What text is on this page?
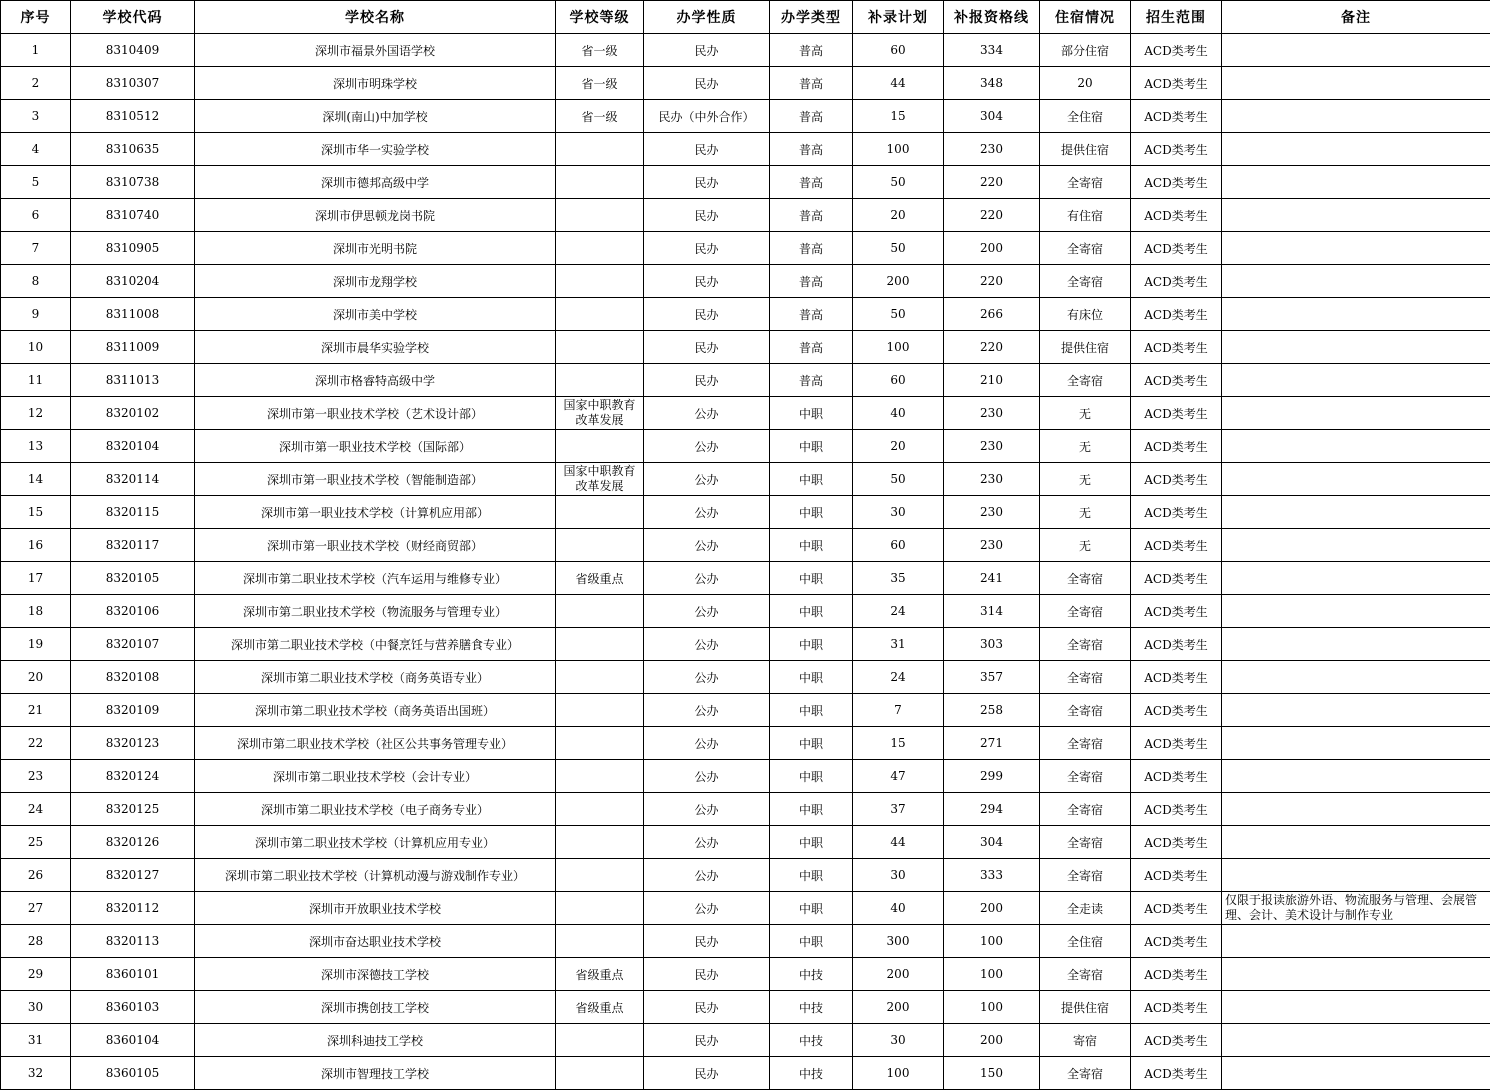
序号	学校代码	学校名称	学校等级	办学性质	办学类型	补录计划	补报资格线	住宿情况	招生范围	备注
1	8310409	深圳市福景外国语学校	省一级	民办	普高	60	334	部分住宿	ACD类考生	
2	8310307	深圳市明珠学校	省一级	民办	普高	44	348	20	ACD类考生	
3	8310512	深圳(南山)中加学校	省一级	民办（中外合作）	普高	15	304	全住宿	ACD类考生	
4	8310635	深圳市华一实验学校		民办	普高	100	230	提供住宿	ACD类考生	
5	8310738	深圳市德邦高级中学		民办	普高	50	220	全寄宿	ACD类考生	
6	8310740	深圳市伊思顿龙岗书院		民办	普高	20	220	有住宿	ACD类考生	
7	8310905	深圳市光明书院		民办	普高	50	200	全寄宿	ACD类考生	
8	8310204	深圳市龙翔学校		民办	普高	200	220	全寄宿	ACD类考生	
9	8311008	深圳市美中学校		民办	普高	50	266	有床位	ACD类考生	
10	8311009	深圳市晨华实验学校		民办	普高	100	220	提供住宿	ACD类考生	
11	8311013	深圳市格睿特高级中学		民办	普高	60	210	全寄宿	ACD类考生	
12	8320102	深圳市第一职业技术学校（艺术设计部）	国家中职教育改革发展	公办	中职	40	230	无	ACD类考生	
13	8320104	深圳市第一职业技术学校（国际部）		公办	中职	20	230	无	ACD类考生	
14	8320114	深圳市第一职业技术学校（智能制造部）	国家中职教育改革发展	公办	中职	50	230	无	ACD类考生	
15	8320115	深圳市第一职业技术学校（计算机应用部）		公办	中职	30	230	无	ACD类考生	
16	8320117	深圳市第一职业技术学校（财经商贸部）		公办	中职	60	230	无	ACD类考生	
17	8320105	深圳市第二职业技术学校（汽车运用与维修专业）	省级重点	公办	中职	35	241	全寄宿	ACD类考生	
18	8320106	深圳市第二职业技术学校（物流服务与管理专业）		公办	中职	24	314	全寄宿	ACD类考生	
19	8320107	深圳市第二职业技术学校（中餐烹饪与营养膳食专业）		公办	中职	31	303	全寄宿	ACD类考生	
20	8320108	深圳市第二职业技术学校（商务英语专业）		公办	中职	24	357	全寄宿	ACD类考生	
21	8320109	深圳市第二职业技术学校（商务英语出国班）		公办	中职	7	258	全寄宿	ACD类考生	
22	8320123	深圳市第二职业技术学校（社区公共事务管理专业）		公办	中职	15	271	全寄宿	ACD类考生	
23	8320124	深圳市第二职业技术学校（会计专业）		公办	中职	47	299	全寄宿	ACD类考生	
24	8320125	深圳市第二职业技术学校（电子商务专业）		公办	中职	37	294	全寄宿	ACD类考生	
25	8320126	深圳市第二职业技术学校（计算机应用专业）		公办	中职	44	304	全寄宿	ACD类考生	
26	8320127	深圳市第二职业技术学校（计算机动漫与游戏制作专业）		公办	中职	30	333	全寄宿	ACD类考生	
27	8320112	深圳市开放职业技术学校		公办	中职	40	200	全走读	ACD类考生	仅限于报读旅游外语、物流服务与管理、会展管理、会计、美术设计与制作专业
28	8320113	深圳市奋达职业技术学校		民办	中职	300	100	全住宿	ACD类考生	
29	8360101	深圳市深德技工学校	省级重点	民办	中技	200	100	全寄宿	ACD类考生	
30	8360103	深圳市携创技工学校	省级重点	民办	中技	200	100	提供住宿	ACD类考生	
31	8360104	深圳科迪技工学校		民办	中技	30	200	寄宿	ACD类考生	
32	8360105	深圳市智理技工学校		民办	中技	100	150	全寄宿	ACD类考生	
